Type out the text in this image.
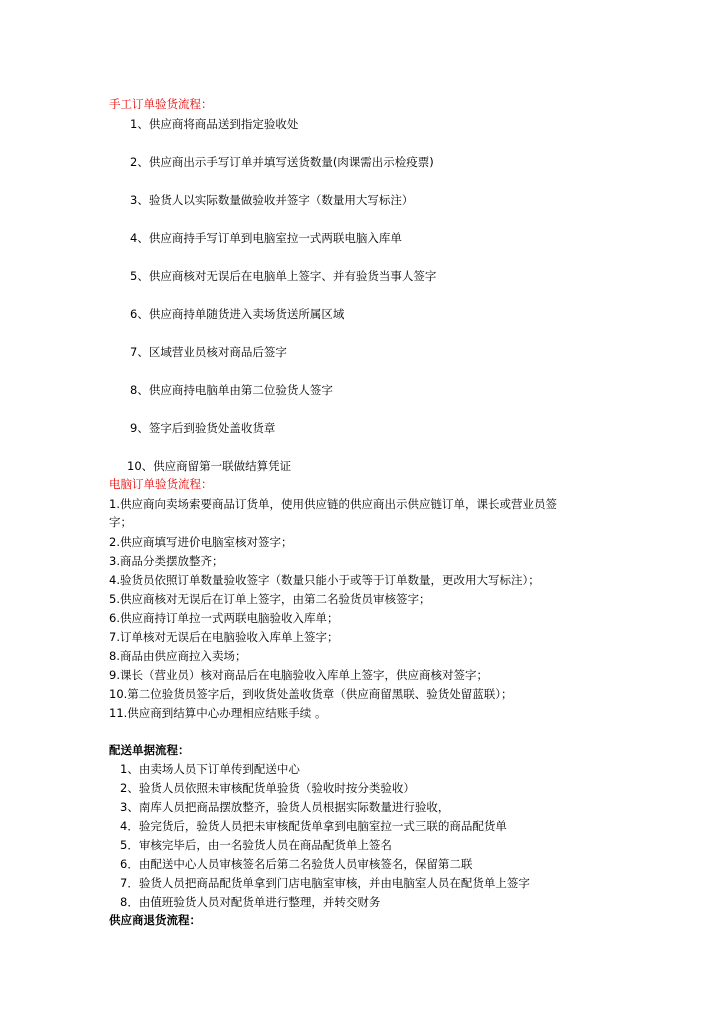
手工订单验货流程：
1、供应商将商品送到指定验收处
2、供应商出示手写订单并填写送货数量(肉课需出示检疫票)
3、验货人以实际数量做验收并签字（数量用大写标注）
4、供应商持手写订单到电脑室拉一式两联电脑入库单
5、供应商核对无误后在电脑单上签字、并有验货当事人签字
6、供应商持单随货进入卖场货送所属区域
7、区域营业员核对商品后签字
8、供应商持电脑单由第二位验货人签字
9、签字后到验货处盖收货章
10、供应商留第一联做结算凭证
电脑订单验货流程：
1.供应商向卖场索要商品订货单，使用供应链的供应商出示供应链订单，课长或营业员签
字；
2.供应商填写进价电脑室核对签字；
3.商品分类摆放整齐；
4.验货员依照订单数量验收签字（数量只能小于或等于订单数量，更改用大写标注）；
5.供应商核对无误后在订单上签字，由第二名验货员审核签字；
6.供应商持订单拉一式两联电脑验收入库单；
7.订单核对无误后在电脑验收入库单上签字；
8.商品由供应商拉入卖场；
9.课长（营业员）核对商品后在电脑验收入库单上签字，供应商核对签字；
10.第二位验货员签字后，到收货处盖收货章（供应商留黑联、验货处留蓝联）；
11.供应商到结算中心办理相应结账手续 。
配送单据流程：
1、由卖场人员下订单传到配送中心
2、验货人员依照未审核配货单验货（验收时按分类验收）
3、南库人员把商品摆放整齐，验货人员根据实际数量进行验收，
4．验完货后，验货人员把未审核配货单拿到电脑室拉一式三联的商品配货单
5．审核完毕后，由一名验货人员在商品配货单上签名
6．由配送中心人员审核签名后第二名验货人员审核签名，保留第二联
7．验货人员把商品配货单拿到门店电脑室审核，并由电脑室人员在配货单上签字
8．由值班验货人员对配货单进行整理，并转交财务
供应商退货流程：
